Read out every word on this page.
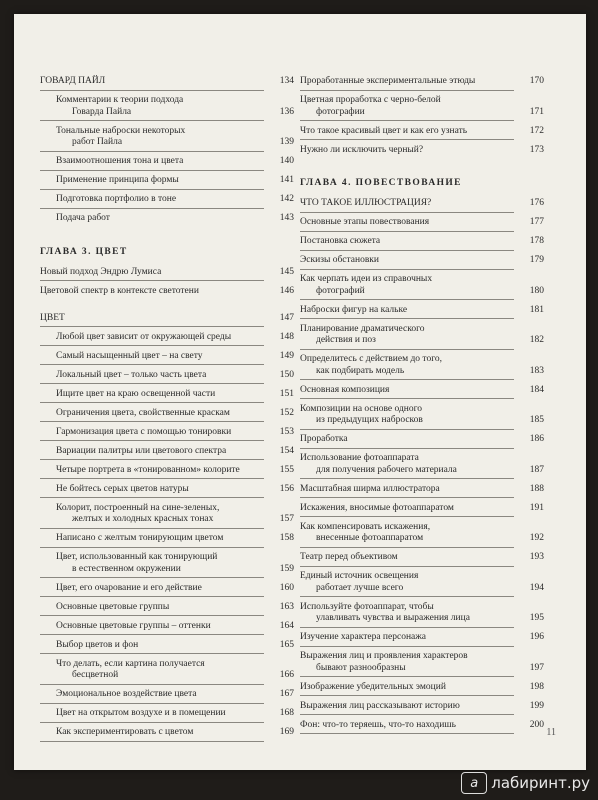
ГОВАРД ПАЙЛ	134
Комментарии к теории подхода
Говарда Пайла	136
Тональные наброски некоторых
работ Пайла	139
Взаимоотношения тона и цвета	140
Применение принципа формы	141
Подготовка портфолио в тоне	142
Подача работ	143
ГЛАВА 3. ЦВЕТ
Новый подход Эндрю Лумиса	145
Цветовой спектр в контексте светотени	146
ЦВЕТ	147
Любой цвет зависит от окружающей среды	148
Самый насыщенный цвет – на свету	149
Локальный цвет – только часть цвета	150
Ищите цвет на краю освещенной части	151
Ограничения цвета, свойственные краскам	152
Гармонизация цвета с помощью тонировки	153
Вариации палитры или цветового спектра	154
Четыре портрета в «тонированном» колорите	155
Не бойтесь серых цветов натуры	156
Колорит, построенный на сине-зеленых,
желтых и холодных красных тонах	157
Написано с желтым тонирующим цветом	158
Цвет, использованный как тонирующий
в естественном окружении	159
Цвет, его очарование и его действие	160
Основные цветовые группы	163
Основные цветовые группы – оттенки	164
Выбор цветов и фон	165
Что делать, если картина получается
бесцветной	166
Эмоциональное воздействие цвета	167
Цвет на открытом воздухе и в помещении	168
Как экспериментировать с цветом	169
Проработанные экспериментальные этюды	170
Цветная проработка с черно-белой
фотографии	171
Что такое красивый цвет и как его узнать	172
Нужно ли исключить черный?	173
ГЛАВА 4. ПОВЕСТВОВАНИЕ
ЧТО ТАКОЕ ИЛЛЮСТРАЦИЯ?	176
Основные этапы повествования	177
Постановка сюжета	178
Эскизы обстановки	179
Как черпать идеи из справочных
фотографий	180
Наброски фигур на кальке	181
Планирование драматического
действия и поз	182
Определитесь с действием до того,
как подбирать модель	183
Основная композиция	184
Композиции на основе одного
из предыдущих набросков	185
Проработка	186
Использование фотоаппарата
для получения рабочего материала	187
Масштабная ширма иллюстратора	188
Искажения, вносимые фотоаппаратом	191
Как компенсировать искажения,
внесенные фотоаппаратом	192
Театр перед объективом	193
Единый источник освещения
работает лучше всего	194
Используйте фотоаппарат, чтобы
улавливать чувства и выражения лица	195
Изучение характера персонажа	196
Выражения лиц и проявления характеров
бывают разнообразны	197
Изображение убедительных эмоций	198
Выражения лиц рассказывают историю	199
Фон: что-то теряешь, что-то находишь	200
11
а лабиринт.ру
